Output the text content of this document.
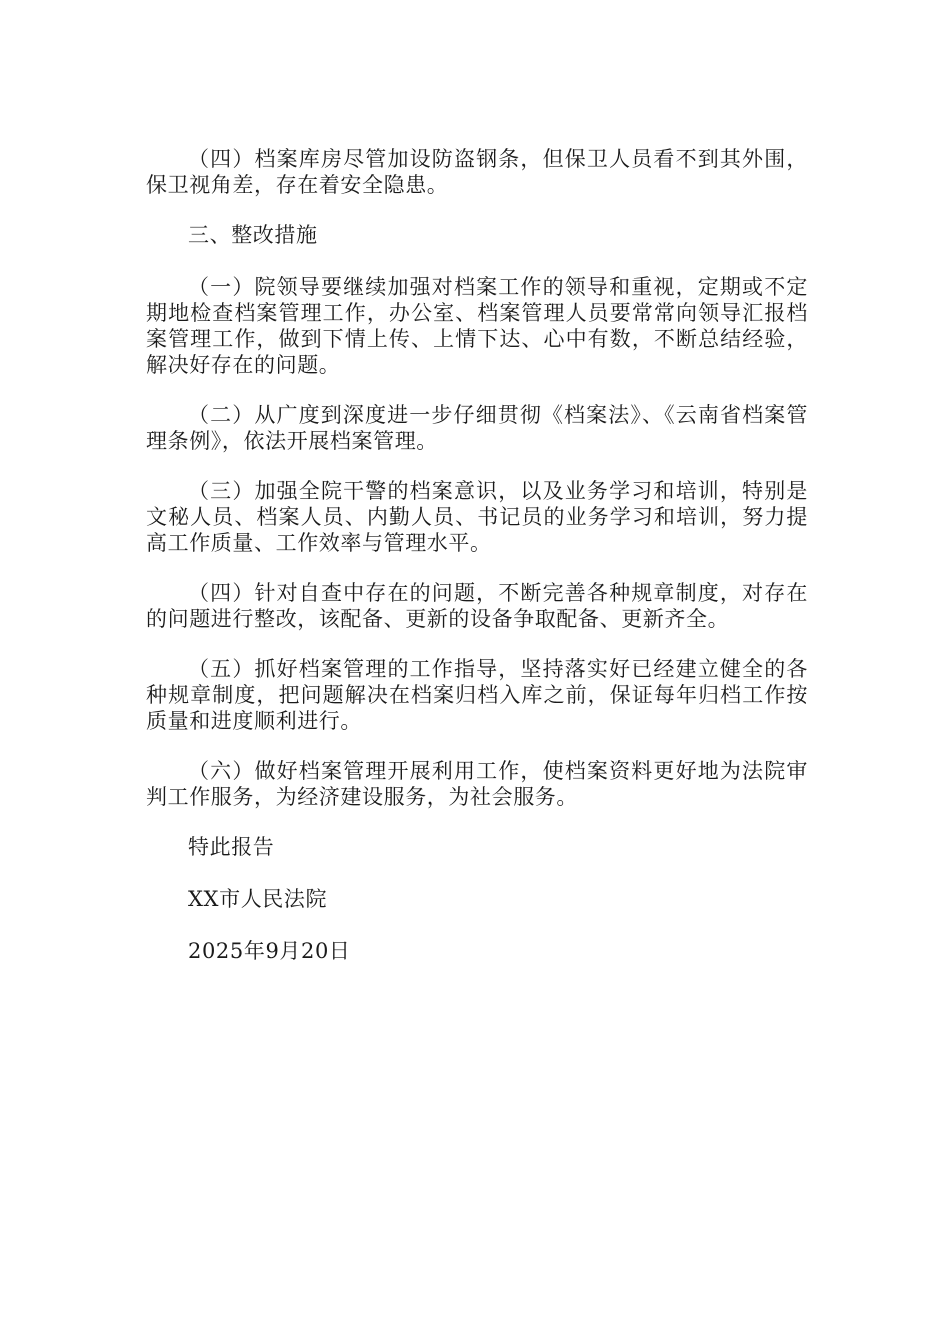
（四）档案库房尽管加设防盗钢条，但保卫人员看不到其外围，保卫视角差，存在着安全隐患。

三、整改措施

（一）院领导要继续加强对档案工作的领导和重视，定期或不定期地检查档案管理工作，办公室、档案管理人员要常常向领导汇报档案管理工作，做到下情上传、上情下达、心中有数，不断总结经验，解决好存在的问题。

（二）从广度到深度进一步仔细贯彻《档案法》、《云南省档案管理条例》，依法开展档案管理。

（三）加强全院干警的档案意识，以及业务学习和培训，特别是文秘人员、档案人员、内勤人员、书记员的业务学习和培训，努力提高工作质量、工作效率与管理水平。

（四）针对自查中存在的问题，不断完善各种规章制度，对存在的问题进行整改，该配备、更新的设备争取配备、更新齐全。

（五）抓好档案管理的工作指导，坚持落实好已经建立健全的各种规章制度，把问题解决在档案归档入库之前，保证每年归档工作按质量和进度顺利进行。

（六）做好档案管理开展利用工作，使档案资料更好地为法院审判工作服务，为经济建设服务，为社会服务。

特此报告

XX市人民法院

2025年9月20日
